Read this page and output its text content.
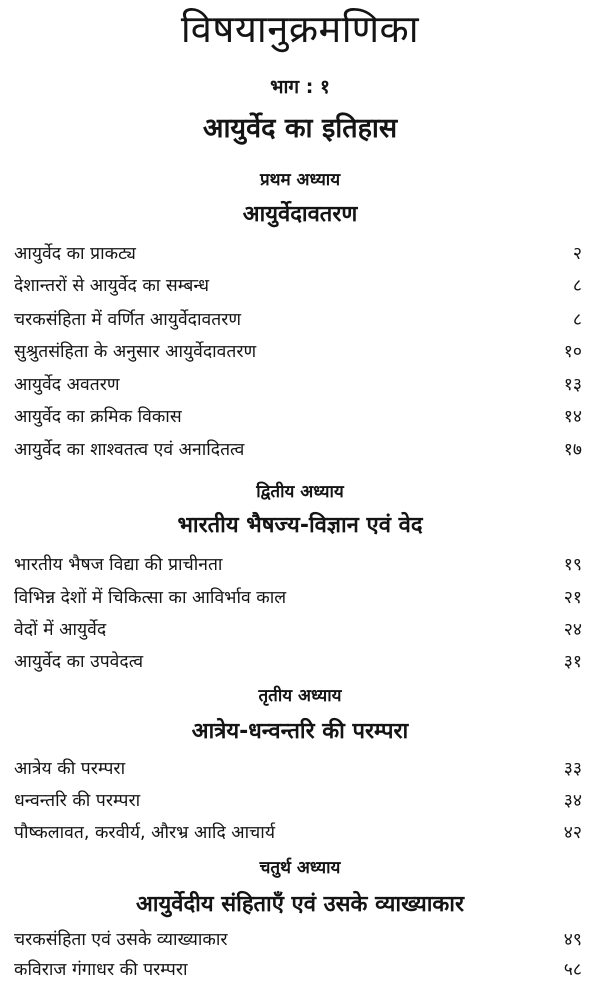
विषयानुक्रमणिका
भाग : १
आयुर्वेद का इतिहास
प्रथम अध्याय
आयुर्वेदावतरण
आयुर्वेद का प्राकट्य	२
देशान्तरों से आयुर्वेद का सम्बन्ध	८
चरकसंहिता में वर्णित आयुर्वेदावतरण	८
सुश्रुतसंहिता के अनुसार आयुर्वेदावतरण	१०
आयुर्वेद अवतरण	१३
आयुर्वेद का क्रमिक विकास	१४
आयुर्वेद का शाश्वतत्व एवं अनादितत्व	१७
द्वितीय अध्याय
भारतीय भैषज्य-विज्ञान एवं वेद
भारतीय भैषज विद्या की प्राचीनता	१९
विभिन्न देशों में चिकित्सा का आविर्भाव काल	२१
वेदों में आयुर्वेद	२४
आयुर्वेद का उपवेदत्व	३१
तृतीय अध्याय
आत्रेय-धन्वन्तरि की परम्परा
आत्रेय की परम्परा	३३
धन्वन्तरि की परम्परा	३४
पौष्कलावत, करवीर्य, औरभ्र आदि आचार्य	४२
चतुर्थ अध्याय
आयुर्वेदीय संहिताएँ एवं उसके व्याख्याकार
चरकसंहिता एवं उसके व्याख्याकार	४९
कविराज गंगाधर की परम्परा	५८
